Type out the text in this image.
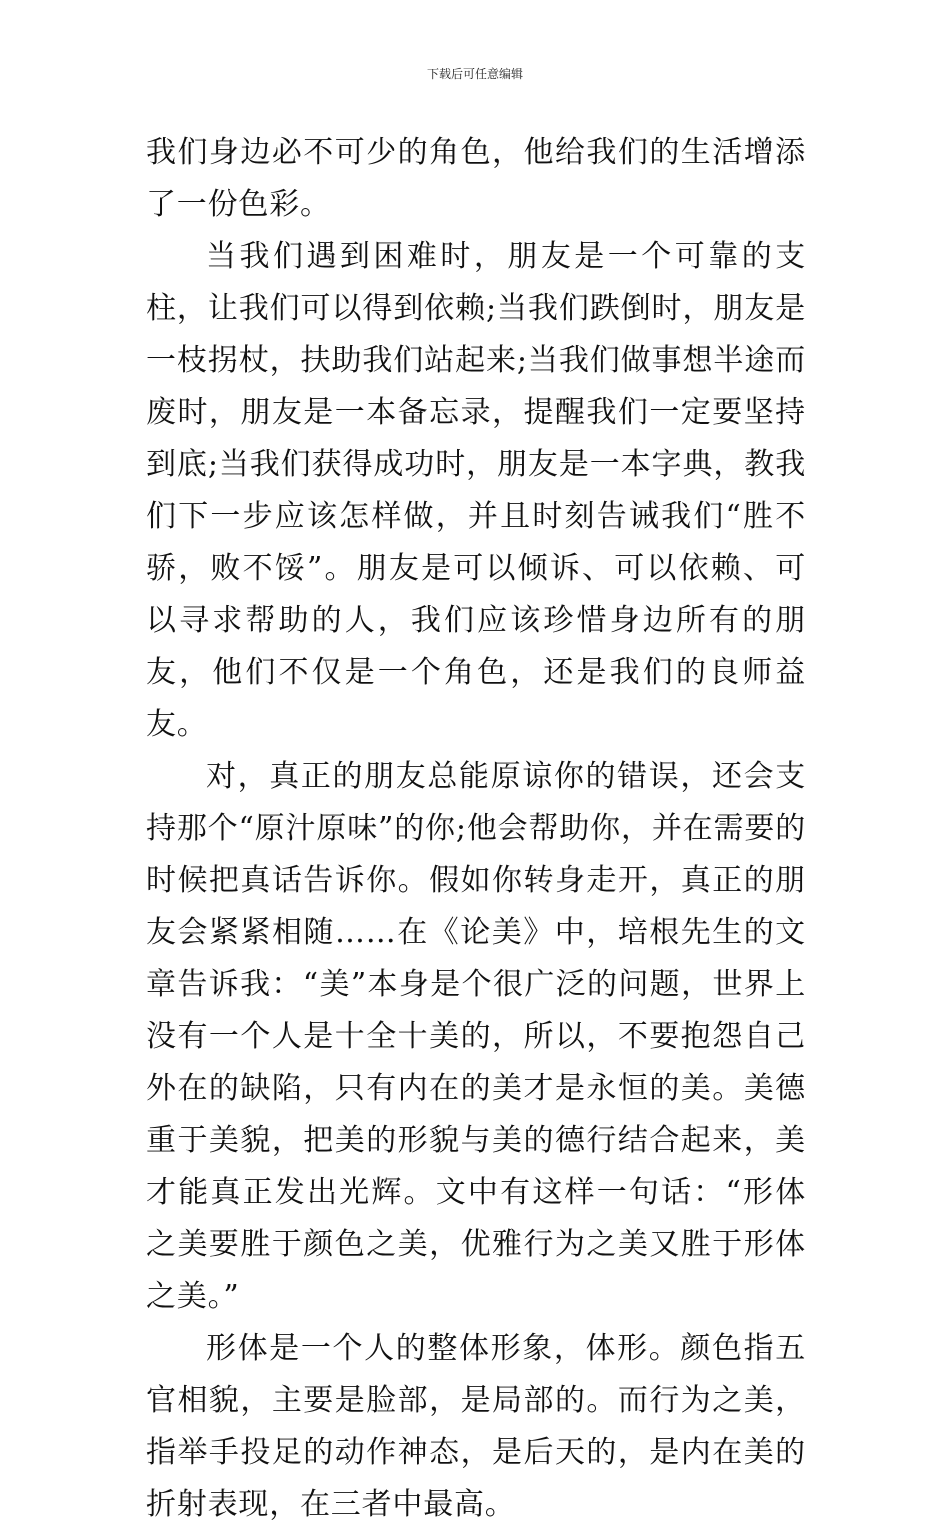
下载后可任意编辑

我们身边必不可少的角色，他给我们的生活增添了一份色彩。

当我们遇到困难时，朋友是一个可靠的支柱，让我们可以得到依赖;当我们跌倒时，朋友是一枝拐杖，扶助我们站起来;当我们做事想半途而废时，朋友是一本备忘录，提醒我们一定要坚持到底;当我们获得成功时，朋友是一本字典，教我们下一步应该怎样做，并且时刻告诫我们“胜不骄，败不馁”。朋友是可以倾诉、可以依赖、可以寻求帮助的人，我们应该珍惜身边所有的朋友，他们不仅是一个角色，还是我们的良师益友。

对，真正的朋友总能原谅你的错误，还会支持那个“原汁原味”的你;他会帮助你，并在需要的时候把真话告诉你。假如你转身走开，真正的朋友会紧紧相随……在《论美》中，培根先生的文章告诉我：“美”本身是个很广泛的问题，世界上没有一个人是十全十美的，所以，不要抱怨自己外在的缺陷，只有内在的美才是永恒的美。美德重于美貌，把美的形貌与美的德行结合起来，美才能真正发出光辉。文中有这样一句话：“形体之美要胜于颜色之美，优雅行为之美又胜于形体之美。”

形体是一个人的整体形象，体形。颜色指五官相貌，主要是脸部，是局部的。而行为之美，指举手投足的动作神态，是后天的，是内在美的折射表现，在三者中最高。
